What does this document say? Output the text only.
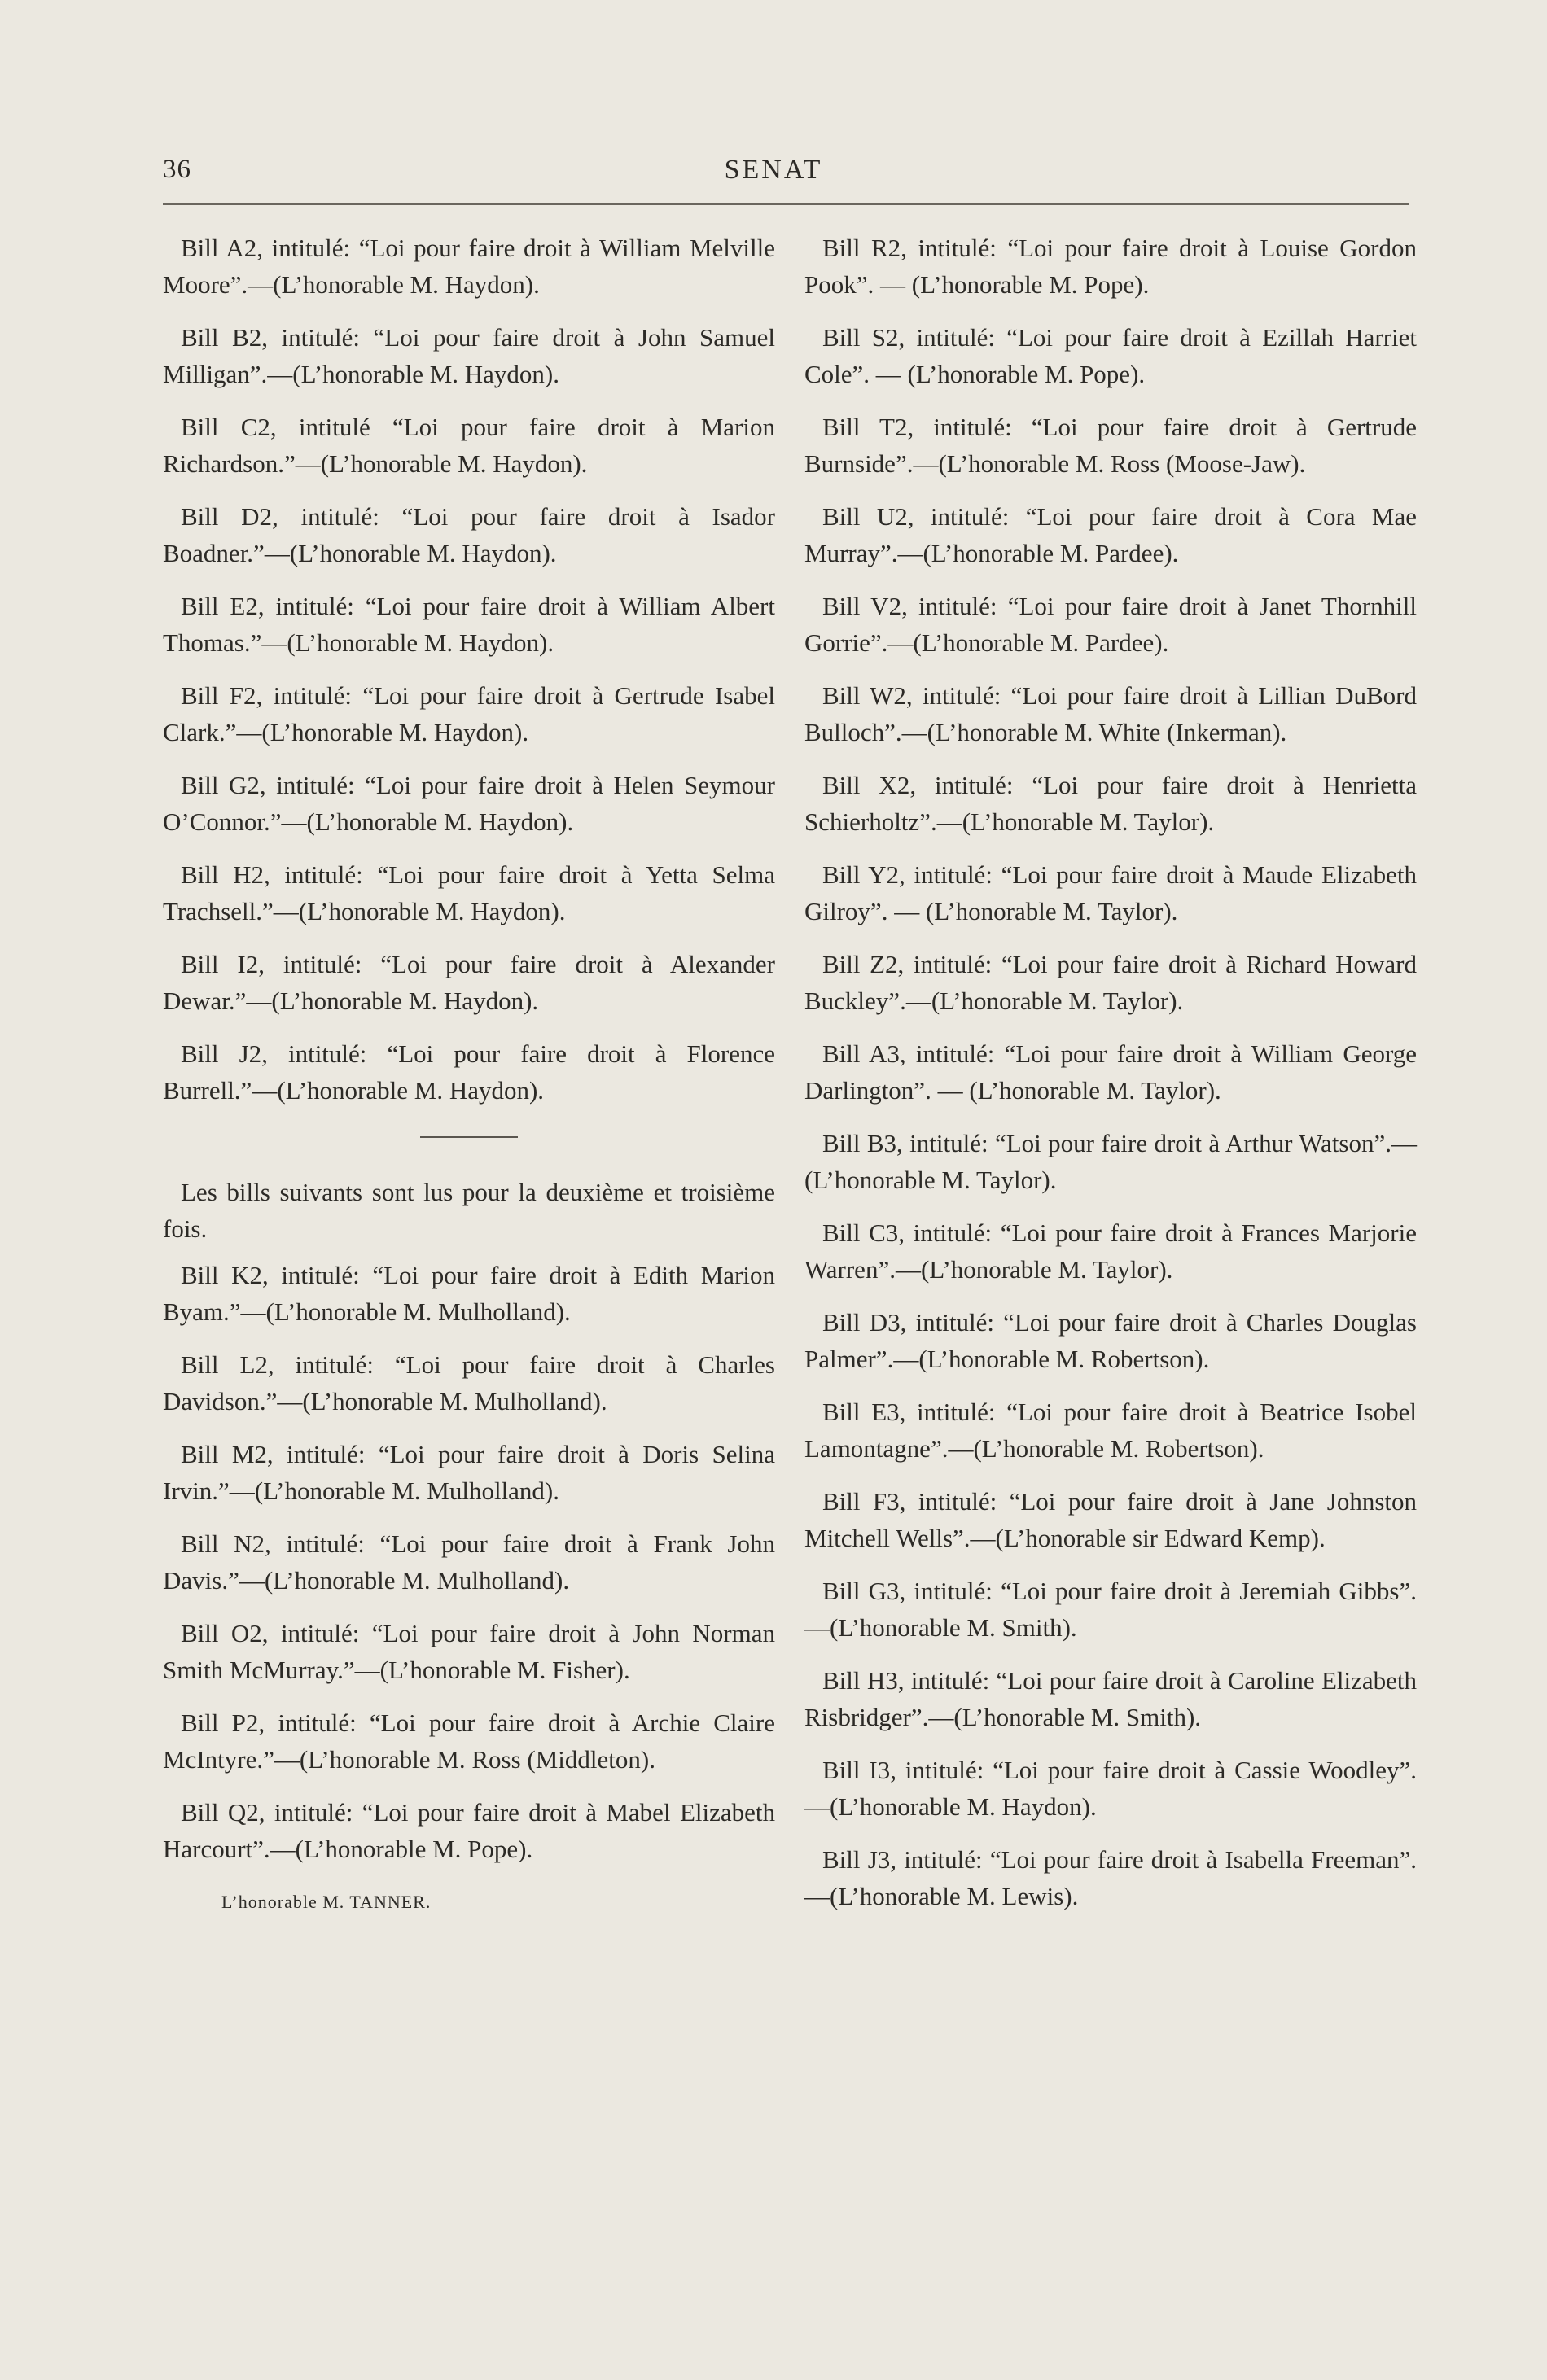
36	SENAT

Bill A2, intitulé: “Loi pour faire droit à William Melville Moore”.—(L’honorable M. Haydon).

Bill B2, intitulé: “Loi pour faire droit à John Samuel Milligan”.—(L’honorable M. Haydon).

Bill C2, intitulé “Loi pour faire droit à Marion Richardson.”—(L’honorable M. Haydon).

Bill D2, intitulé: “Loi pour faire droit à Isador Boadner.”—(L’honorable M. Haydon).

Bill E2, intitulé: “Loi pour faire droit à William Albert Thomas.”—(L’honorable M. Haydon).

Bill F2, intitulé: “Loi pour faire droit à Gertrude Isabel Clark.”—(L’honorable M. Haydon).

Bill G2, intitulé: “Loi pour faire droit à Helen Seymour O’Connor.”—(L’honorable M. Haydon).

Bill H2, intitulé: “Loi pour faire droit à Yetta Selma Trachsell.”—(L’honorable M. Haydon).

Bill I2, intitulé: “Loi pour faire droit à Alexander Dewar.”—(L’honorable M. Haydon).

Bill J2, intitulé: “Loi pour faire droit à Florence Burrell.”—(L’honorable M. Haydon).

Les bills suivants sont lus pour la deuxième et troisième fois.

Bill K2, intitulé: “Loi pour faire droit à Edith Marion Byam.”—(L’honorable M. Mulholland).

Bill L2, intitulé: “Loi pour faire droit à Charles Davidson.”—(L’honorable M. Mulholland).

Bill M2, intitulé: “Loi pour faire droit à Doris Selina Irvin.”—(L’honorable M. Mulholland).

Bill N2, intitulé: “Loi pour faire droit à Frank John Davis.”—(L’honorable M. Mulholland).

Bill O2, intitulé: “Loi pour faire droit à John Norman Smith McMurray.”—(L’honorable M. Fisher).

Bill P2, intitulé: “Loi pour faire droit à Archie Claire McIntyre.”—(L’honorable M. Ross (Middleton).

Bill Q2, intitulé: “Loi pour faire droit à Mabel Elizabeth Harcourt”.—(L’honorable M. Pope).

L’honorable M. TANNER.

Bill R2, intitulé: “Loi pour faire droit à Louise Gordon Pook”. — (L’honorable M. Pope).

Bill S2, intitulé: “Loi pour faire droit à Ezillah Harriet Cole”. — (L’honorable M. Pope).

Bill T2, intitulé: “Loi pour faire droit à Gertrude Burnside”.—(L’honorable M. Ross (Moose-Jaw).

Bill U2, intitulé: “Loi pour faire droit à Cora Mae Murray”.—(L’honorable M. Pardee).

Bill V2, intitulé: “Loi pour faire droit à Janet Thornhill Gorrie”.—(L’honorable M. Pardee).

Bill W2, intitulé: “Loi pour faire droit à Lillian DuBord Bulloch”.—(L’honorable M. White (Inkerman).

Bill X2, intitulé: “Loi pour faire droit à Henrietta Schierholtz”.—(L’honorable M. Taylor).

Bill Y2, intitulé: “Loi pour faire droit à Maude Elizabeth Gilroy”. — (L’honorable M. Taylor).

Bill Z2, intitulé: “Loi pour faire droit à Richard Howard Buckley”.—(L’honorable M. Taylor).

Bill A3, intitulé: “Loi pour faire droit à William George Darlington”. — (L’honorable M. Taylor).

Bill B3, intitulé: “Loi pour faire droit à Arthur Watson”.—(L’honorable M. Taylor).

Bill C3, intitulé: “Loi pour faire droit à Frances Marjorie Warren”.—(L’honorable M. Taylor).

Bill D3, intitulé: “Loi pour faire droit à Charles Douglas Palmer”.—(L’honorable M. Robertson).

Bill E3, intitulé: “Loi pour faire droit à Beatrice Isobel Lamontagne”.—(L’honorable M. Robertson).

Bill F3, intitulé: “Loi pour faire droit à Jane Johnston Mitchell Wells”.—(L’honorable sir Edward Kemp).

Bill G3, intitulé: “Loi pour faire droit à Jeremiah Gibbs”.—(L’honorable M. Smith).

Bill H3, intitulé: “Loi pour faire droit à Caroline Elizabeth Risbridger”.—(L’honorable M. Smith).

Bill I3, intitulé: “Loi pour faire droit à Cassie Woodley”.—(L’honorable M. Haydon).

Bill J3, intitulé: “Loi pour faire droit à Isabella Freeman”.—(L’honorable M. Lewis).
